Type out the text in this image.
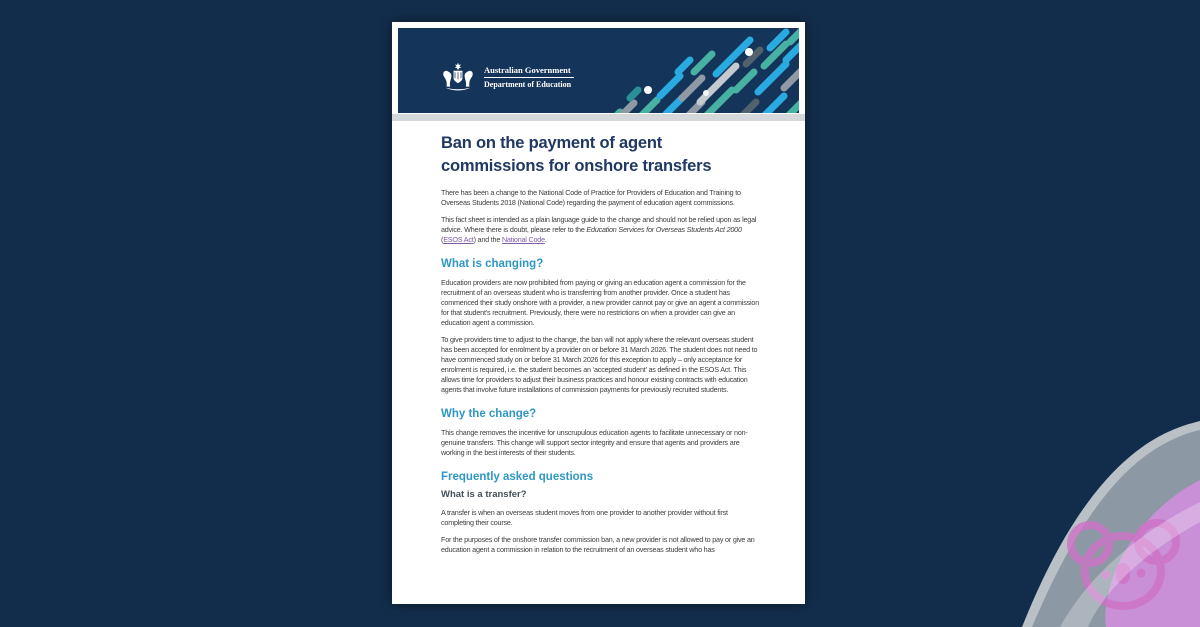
Australian Government
Department of Education
Ban on the payment of agent
commissions for onshore transfers

There has been a change to the National Code of Practice for Providers of Education and Training to Overseas Students 2018 (National Code) regarding the payment of education agent commissions.

This fact sheet is intended as a plain language guide to the change and should not be relied upon as legal advice. Where there is doubt, please refer to the Education Services for Overseas Students Act 2000 (ESOS Act) and the National Code.

What is changing?

Education providers are now prohibited from paying or giving an education agent a commission for the recruitment of an overseas student who is transferring from another provider. Once a student has commenced their study onshore with a provider, a new provider cannot pay or give an agent a commission for that student’s recruitment. Previously, there were no restrictions on when a provider can give an education agent a commission.

To give providers time to adjust to the change, the ban will not apply where the relevant overseas student has been accepted for enrolment by a provider on or before 31 March 2026. The student does not need to have commenced study on or before 31 March 2026 for this exception to apply – only acceptance for enrolment is required, i.e. the student becomes an ‘accepted student’ as defined in the ESOS Act. This allows time for providers to adjust their business practices and honour existing contracts with education agents that involve future installations of commission payments for previously recruited students.

Why the change?

This change removes the incentive for unscrupulous education agents to facilitate unnecessary or non-genuine transfers. This change will support sector integrity and ensure that agents and providers are working in the best interests of their students.

Frequently asked questions
What is a transfer?

A transfer is when an overseas student moves from one provider to another provider without first completing their course.

For the purposes of the onshore transfer commission ban, a new provider is not allowed to pay or give an education agent a commission in relation to the recruitment of an overseas student who has
